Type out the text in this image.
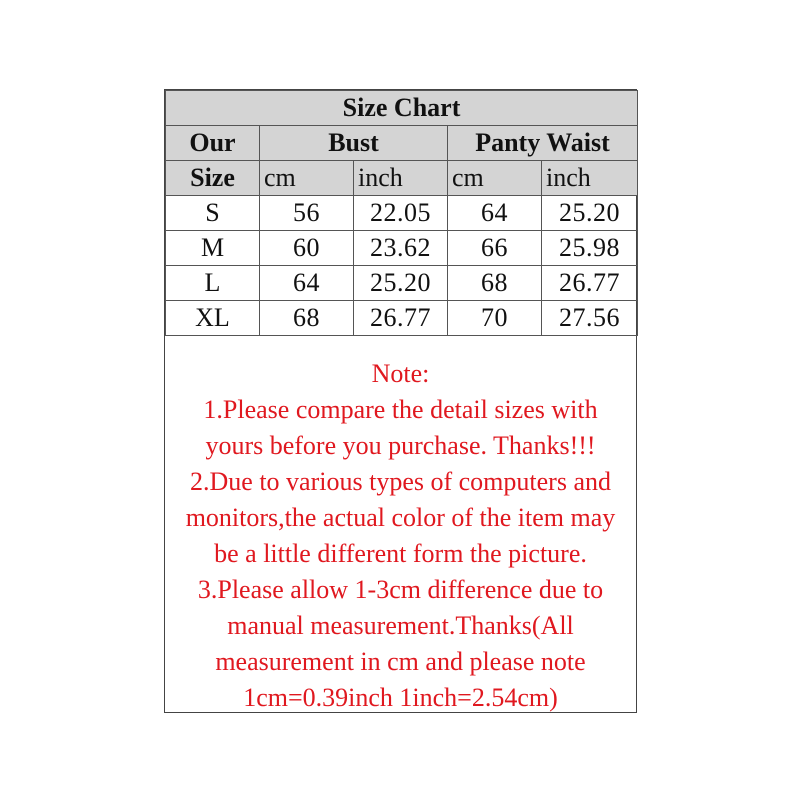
Size Chart				
Our	Bust		Panty Waist	
Size	cm	inch	cm	inch
S	56	22.05	64	25.20
M	60	23.62	66	25.98
L	64	25.20	68	26.77
XL	68	26.77	70	27.56
Note:
1.Please compare the detail sizes with
yours before you purchase. Thanks!!!
2.Due to various types of computers and
monitors,the actual color of the item may
be a little different form the picture.
3.Please allow 1-3cm difference due to
manual measurement.Thanks(All
measurement in cm and please note
1cm=0.39inch 1inch=2.54cm)
